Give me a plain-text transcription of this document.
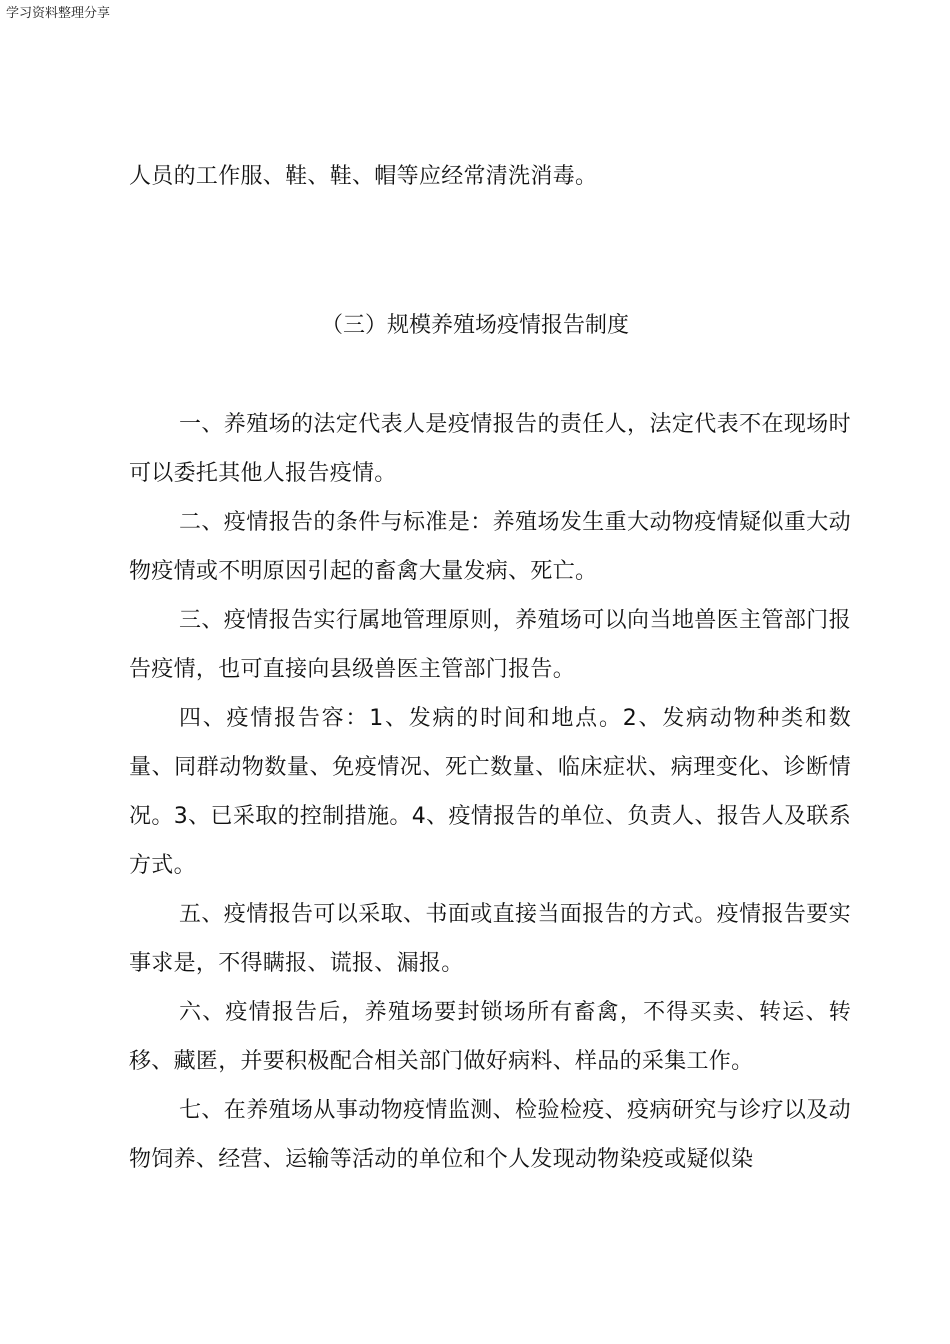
学习资料整理分享

人员的工作服、鞋、鞋、帽等应经常清洗消毒。

（三）规模养殖场疫情报告制度

一、养殖场的法定代表人是疫情报告的责任人，法定代表不在现场时可以委托其他人报告疫情。

二、疫情报告的条件与标准是：养殖场发生重大动物疫情疑似重大动物疫情或不明原因引起的畜禽大量发病、死亡。

三、疫情报告实行属地管理原则，养殖场可以向当地兽医主管部门报告疫情，也可直接向县级兽医主管部门报告。

四、疫情报告容：1、发病的时间和地点。2、发病动物种类和数量、同群动物数量、免疫情况、死亡数量、临床症状、病理变化、诊断情况。3、已采取的控制措施。4、疫情报告的单位、负责人、报告人及联系方式。

五、疫情报告可以采取、书面或直接当面报告的方式。疫情报告要实事求是，不得瞒报、谎报、漏报。

六、疫情报告后，养殖场要封锁场所有畜禽，不得买卖、转运、转移、藏匿，并要积极配合相关部门做好病料、样品的采集工作。

七、在养殖场从事动物疫情监测、检验检疫、疫病研究与诊疗以及动物饲养、经营、运输等活动的单位和个人发现动物染疫或疑似染
